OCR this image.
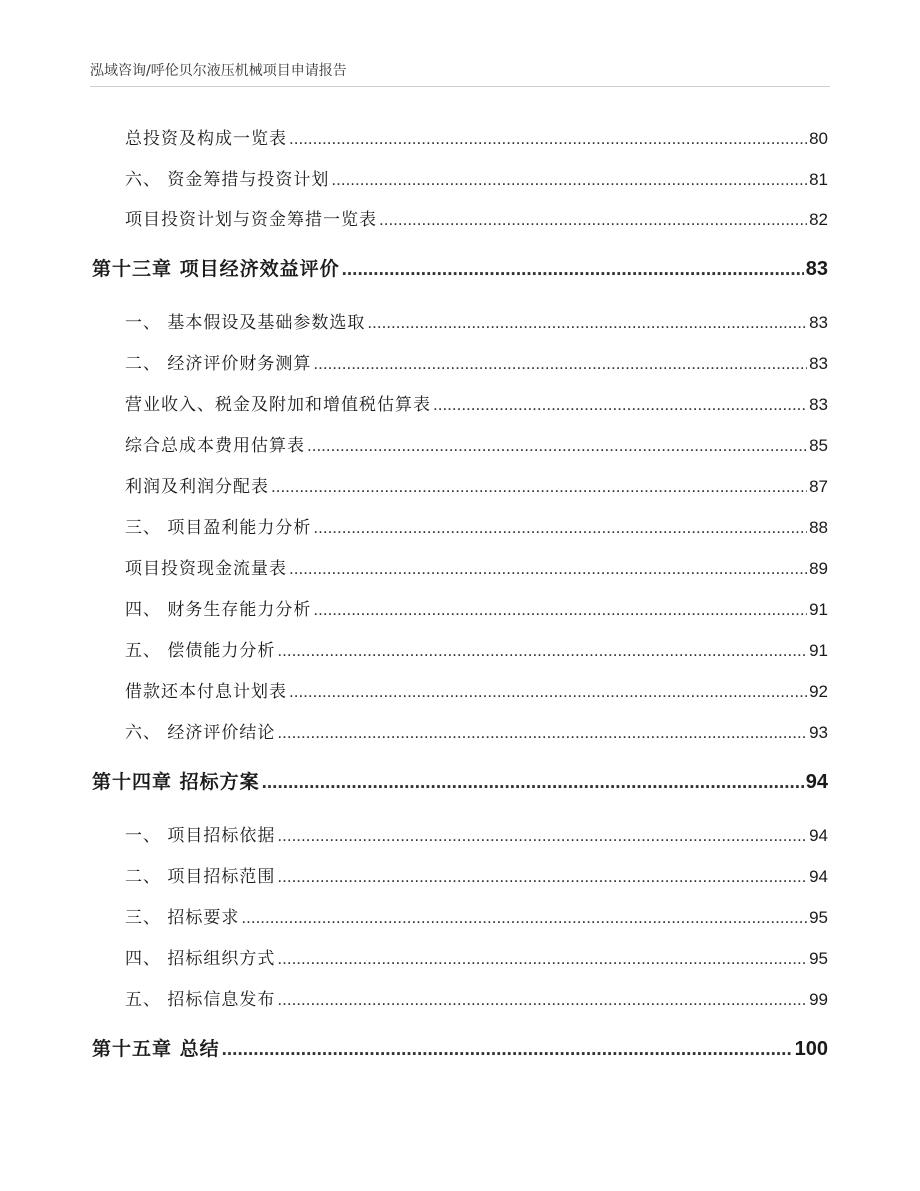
泓域咨询/呼伦贝尔液压机械项目申请报告
总投资及构成一览表 .....	80
六、 资金筹措与投资计划 .....	81
项目投资计划与资金筹措一览表 .....	82
第十三章 项目经济效益评价 .....	83
一、 基本假设及基础参数选取 .....	83
二、 经济评价财务测算 .....	83
营业收入、税金及附加和增值税估算表 .....	83
综合总成本费用估算表 .....	85
利润及利润分配表 .....	87
三、 项目盈利能力分析 .....	88
项目投资现金流量表 .....	89
四、 财务生存能力分析 .....	91
五、 偿债能力分析 .....	91
借款还本付息计划表 .....	92
六、 经济评价结论 .....	93
第十四章 招标方案 .....	94
一、 项目招标依据 .....	94
二、 项目招标范围 .....	94
三、 招标要求 .....	95
四、 招标组织方式 .....	95
五、 招标信息发布 .....	99
第十五章 总结 .....	100
